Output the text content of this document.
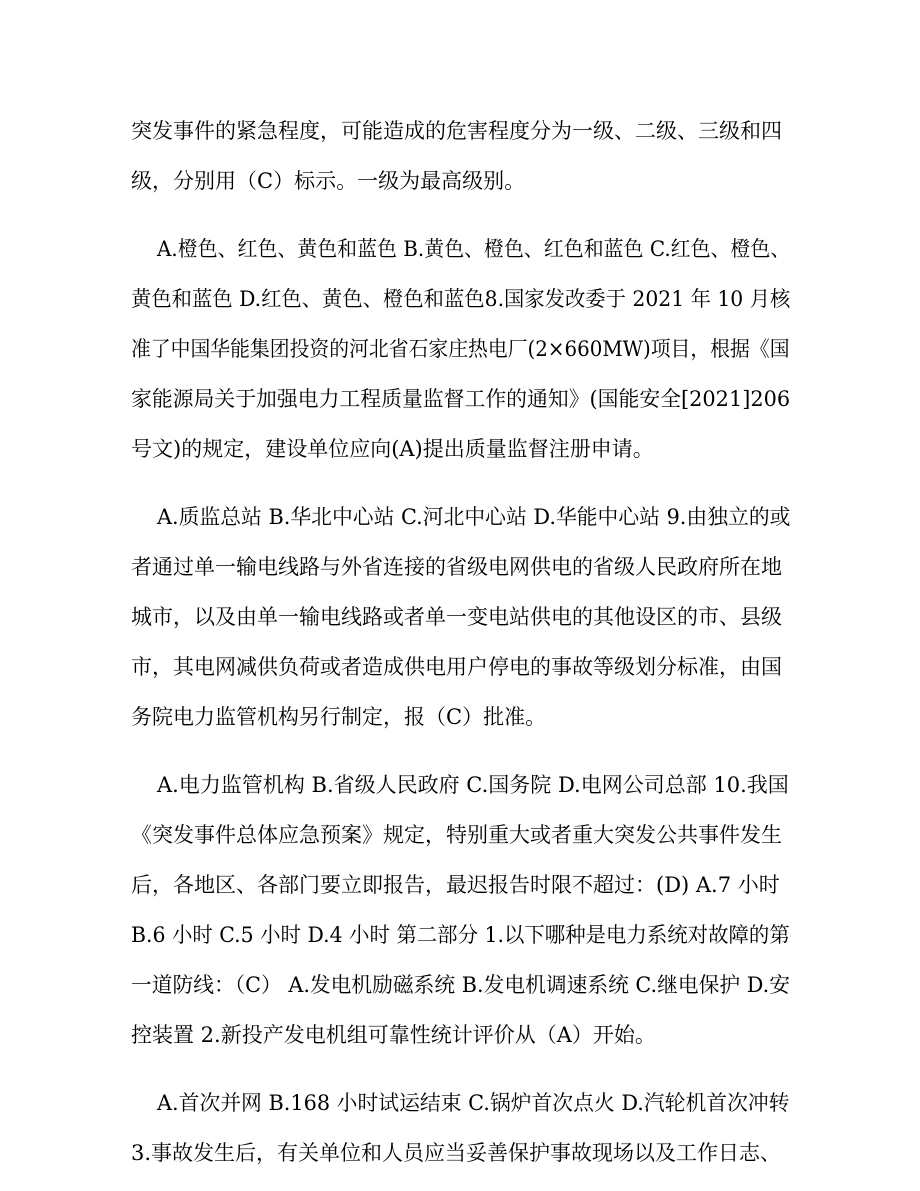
突发事件的紧急程度，可能造成的危害程度分为一级、二级、三级和四
级，分别用（C）标示。一级为最高级别。
A.橙色、红色、黄色和蓝色 B.黄色、橙色、红色和蓝色 C.红色、橙色、
黄色和蓝色 D.红色、黄色、橙色和蓝色8.国家发改委于 2021 年 10 月核
准了中国华能集团投资的河北省石家庄热电厂(2×660MW)项目，根据《国
家能源局关于加强电力工程质量监督工作的通知》(国能安全[2021]206
号文)的规定，建设单位应向(A)提出质量监督注册申请。
A.质监总站 B.华北中心站 C.河北中心站 D.华能中心站 9.由独立的或
者通过单一输电线路与外省连接的省级电网供电的省级人民政府所在地
城市，以及由单一输电线路或者单一变电站供电的其他设区的市、县级
市，其电网减供负荷或者造成供电用户停电的事故等级划分标准，由国
务院电力监管机构另行制定，报（C）批准。
A.电力监管机构 B.省级人民政府 C.国务院 D.电网公司总部 10.我国
《突发事件总体应急预案》规定，特别重大或者重大突发公共事件发生
后，各地区、各部门要立即报告，最迟报告时限不超过：(D) A.7 小时
B.6 小时 C.5 小时 D.4 小时 第二部分 1.以下哪种是电力系统对故障的第
一道防线：（C） A.发电机励磁系统 B.发电机调速系统 C.继电保护 D.安
控装置 2.新投产发电机组可靠性统计评价从（A）开始。
A.首次并网 B.168 小时试运结束 C.锅炉首次点火 D.汽轮机首次冲转
3.事故发生后，有关单位和人员应当妥善保护事故现场以及工作日志、
